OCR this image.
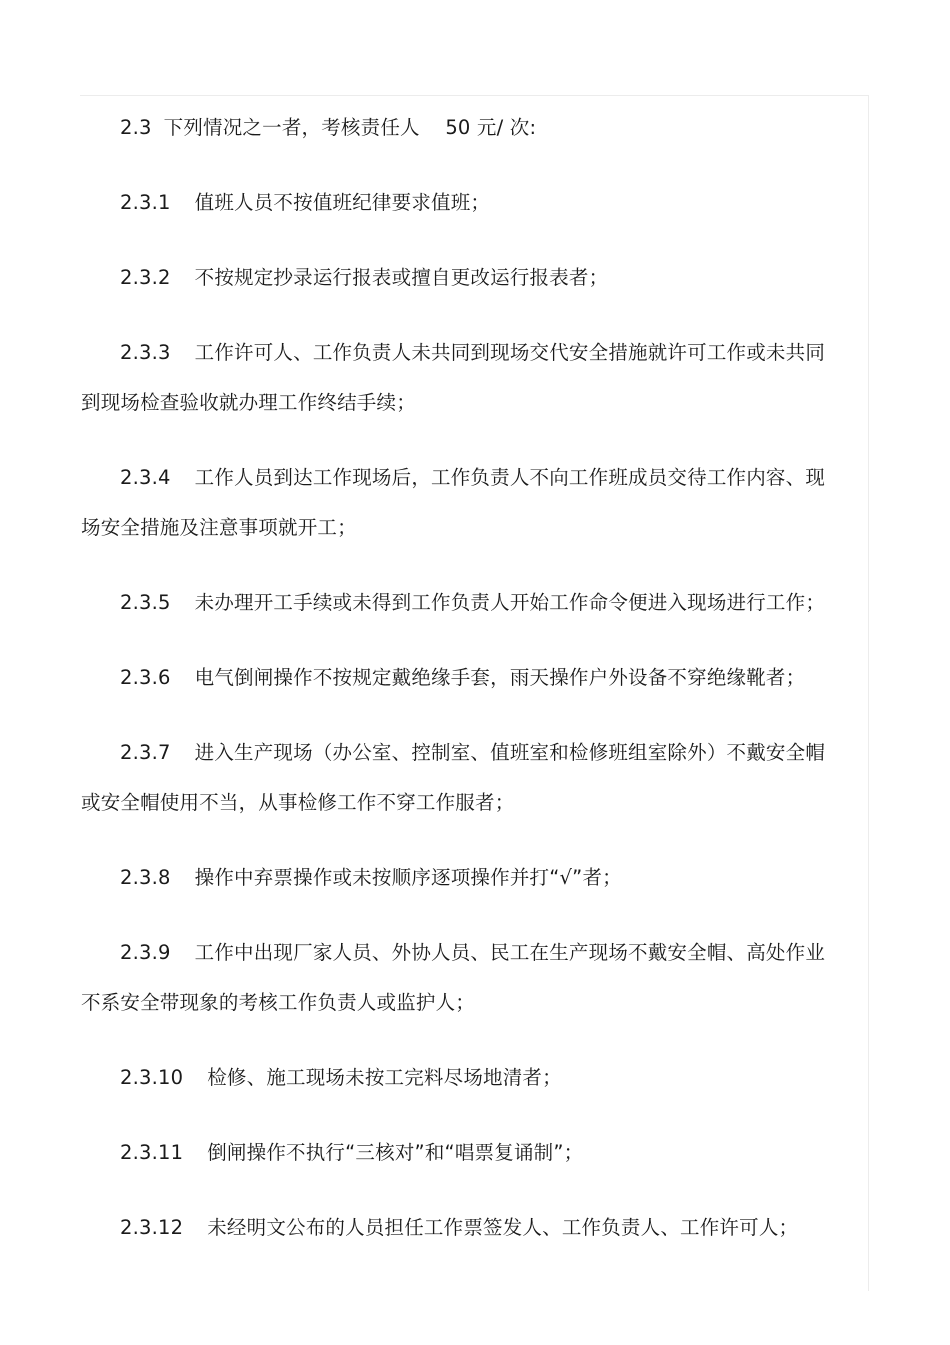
2.3 下列情况之一者，考核责任人    50 元/ 次:

2.3.1 值班人员不按值班纪律要求值班；

2.3.2 不按规定抄录运行报表或擅自更改运行报表者；

2.3.3 工作许可人、工作负责人未共同到现场交代安全措施就许可工作或未共同到现场检查验收就办理工作终结手续；

2.3.4 工作人员到达工作现场后，工作负责人不向工作班成员交待工作内容、现场安全措施及注意事项就开工；

2.3.5 未办理开工手续或未得到工作负责人开始工作命令便进入现场进行工作；

2.3.6 电气倒闸操作不按规定戴绝缘手套，雨天操作户外设备不穿绝缘靴者；

2.3.7 进入生产现场（办公室、控制室、值班室和检修班组室除外）不戴安全帽或安全帽使用不当，从事检修工作不穿工作服者；

2.3.8 操作中弃票操作或未按顺序逐项操作并打“√”者；

2.3.9 工作中出现厂家人员、外协人员、民工在生产现场不戴安全帽、高处作业不系安全带现象的考核工作负责人或监护人；

2.3.10 检修、施工现场未按工完料尽场地清者；

2.3.11 倒闸操作不执行“三核对”和“唱票复诵制”；

2.3.12 未经明文公布的人员担任工作票签发人、工作负责人、工作许可人；
